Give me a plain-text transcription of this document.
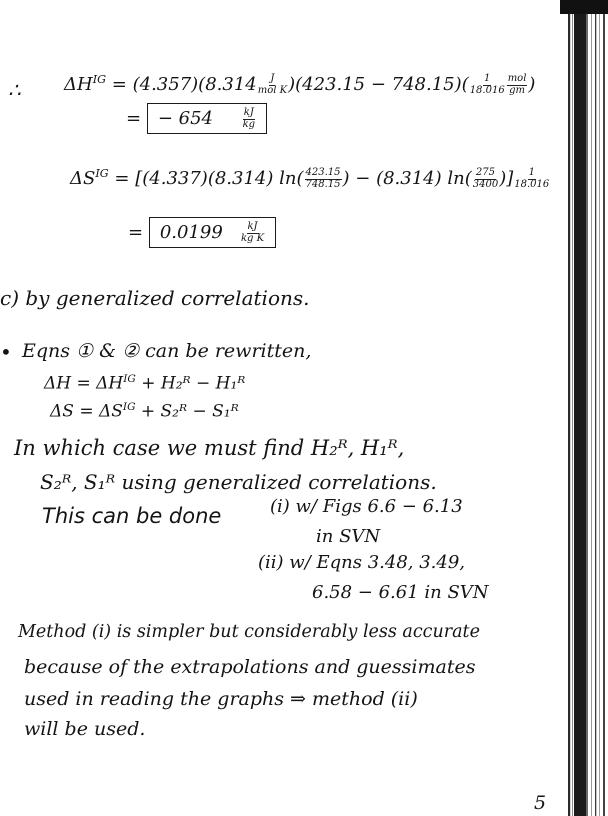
∴ $\Delta H^{IG} = (4.357)(8.314 \frac{J}{\text{mol K}} )(423.15 - 748.15)( \frac{1}{18.016} \frac{\text{mol}}{gm}$ )
= − 654	$\frac{kJ}{kg}$
$\Delta S^{IG} = [(4.337)(8.314)$ $\ln( \frac{423.15}{748.15}$ ) − (8.314) $\ln( \frac{275}{3400}$ )] $\frac{1}{18.016}$
= $0.0199 \frac{kJ}{\text{kg K}}$
c) by generalized correlations.
• Eqns ① & ② can be rewritten,
$\Delta H = \Delta H^{IG}$ + H₂ᴿ − H₁ᴿ
$\Delta S = \Delta S^{IG}$ + S₂ᴿ − S₁ᴿ
In which case we must find H₂ᴿ, H₁ᴿ,
S₂ᴿ, S₁ᴿ using generalized correlations.
This can be done	(i) w/ Figs 6.6 − 6.13
in SVN
(ii) w/ Eqns 3.48, 3.49,
6.58 − 6.61 in SVN
Method (i) is simpler but considerably less accurate
because of the extrapolations and guessimates
used in reading the graphs ⇒ method (ii)
will be used.
5
